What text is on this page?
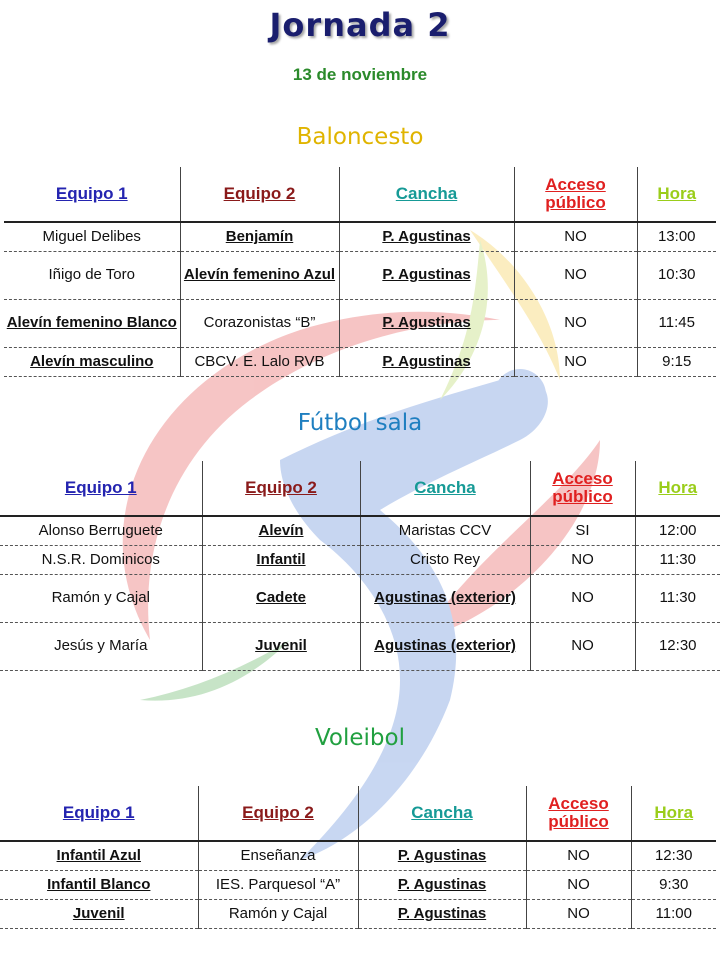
Jornada 2
13 de noviembre
Baloncesto
Equipo 1	Equipo 2	Cancha	Acceso público	Hora
Miguel Delibes	Benjamín	P. Agustinas	NO	13:00
Iñigo de Toro	Alevín femenino Azul	P. Agustinas	NO	10:30
Alevín femenino Blanco	Corazonistas “B”	P. Agustinas	NO	11:45
Alevín masculino	CBCV. E. Lalo RVB	P. Agustinas	NO	9:15
Fútbol sala
Equipo 1	Equipo 2	Cancha	Acceso público	Hora
Alonso Berruguete	Alevín	Maristas CCV	SI	12:00
N.S.R. Dominicos	Infantil	Cristo Rey	NO	11:30
Ramón y Cajal	Cadete	Agustinas (exterior)	NO	11:30
Jesús y María	Juvenil	Agustinas (exterior)	NO	12:30
Voleibol
Equipo 1	Equipo 2	Cancha	Acceso público	Hora
Infantil Azul	Enseñanza	P. Agustinas	NO	12:30
Infantil Blanco	IES. Parquesol “A”	P. Agustinas	NO	9:30
Juvenil	Ramón y Cajal	P. Agustinas	NO	11:00
